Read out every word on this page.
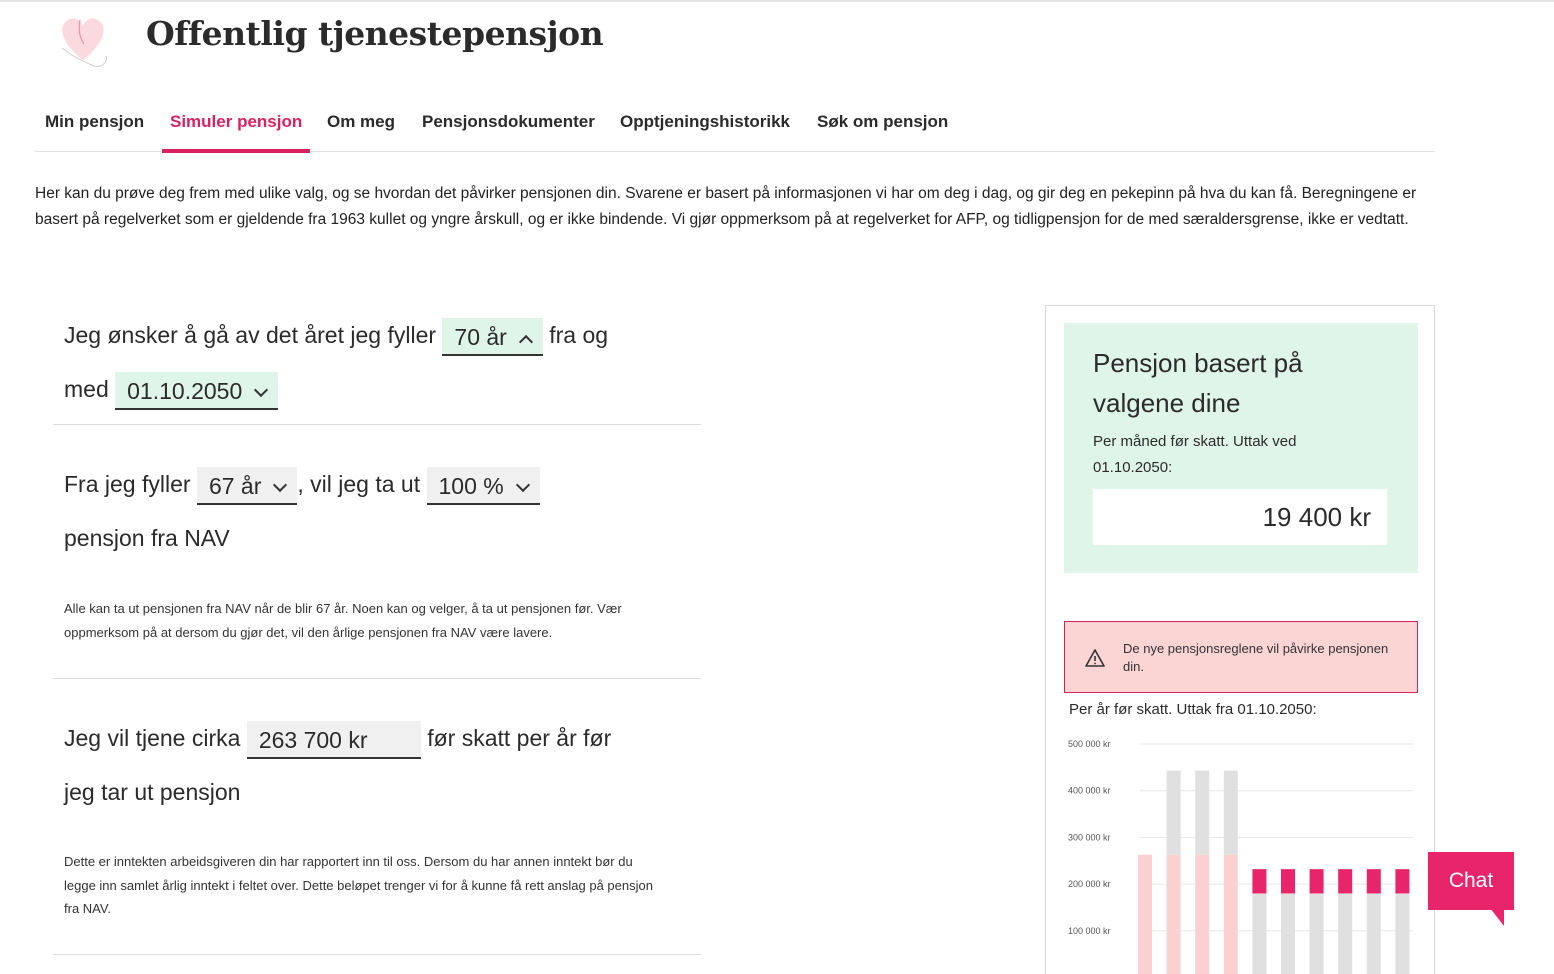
Offentlig tjenestepensjon
Min pensjon Simuler pensjon Om meg Pensjonsdokumenter Opptjeningshistorikk Søk om pensjon

Her kan du prøve deg frem med ulike valg, og se hvordan det påvirker pensjonen din. Svarene er basert på informasjonen vi har om deg i dag, og gir deg en pekepinn på hva du kan få. Beregningene er basert på regelverket som er gjeldende fra 1963 kullet og yngre årskull, og er ikke bindende. Vi gjør oppmerksom på at regelverket for AFP, og tidligpensjon for de med særaldersgrense, ikke er vedtatt.

Jeg ønsker å gå av det året jeg fyller 70 år fra og
med 01.10.2050
Fra jeg fyller 67 år , vil jeg ta ut 100 %
pensjon fra NAV

Alle kan ta ut pensjonen fra NAV når de blir 67 år. Noen kan og velger, å ta ut pensjonen før. Vær oppmerksom på at dersom du gjør det, vil den årlige pensjonen fra NAV være lavere.

Jeg vil tjene cirka 263 700 kr	før skatt per år før
jeg tar ut pensjon

Dette er inntekten arbeidsgiveren din har rapportert inn til oss. Dersom du har annen inntekt bør du legge inn samlet årlig inntekt i feltet over. Dette beløpet trenger vi for å kunne få rett anslag på pensjon fra NAV.

Pensjon basert på valgene dine
Per måned før skatt. Uttak ved 01.10.2050:
19 400 kr
De nye pensjonsreglene vil påvirke pensjonen din.
Per år før skatt. Uttak fra 01.10.2050:
500 000 kr
400 000 kr
300 000 kr
200 000 kr
100 000 kr
Chat
